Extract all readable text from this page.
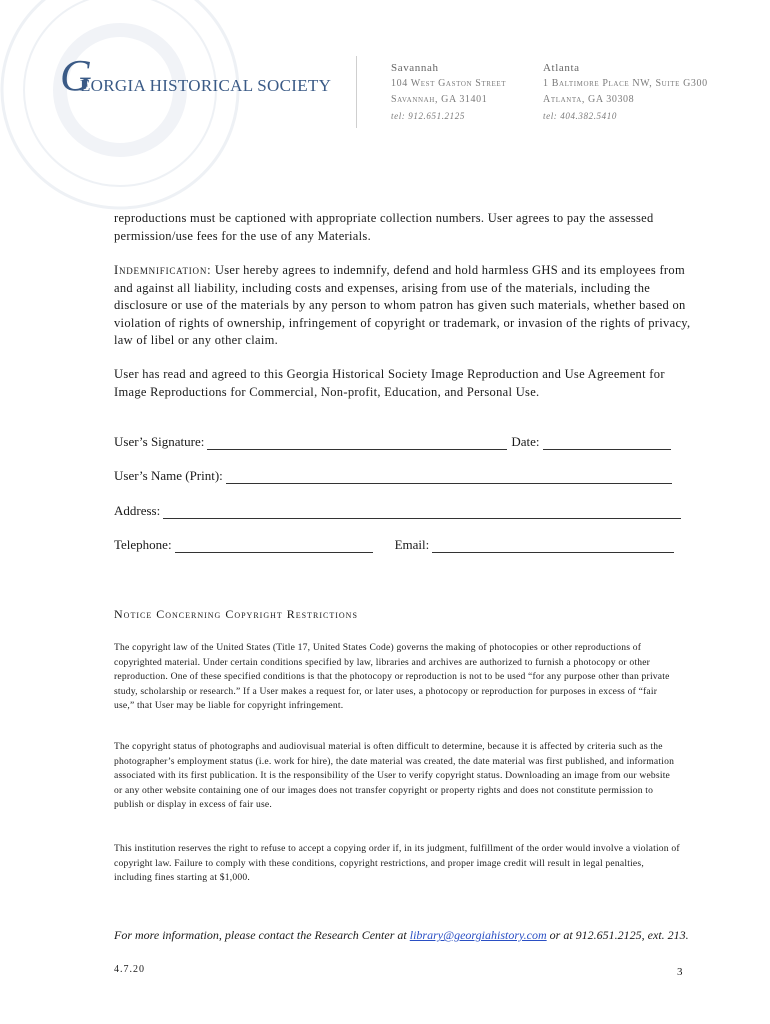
G
EORGIA HISTORICAL SOCIETY
Savannah
104 West Gaston Street
Savannah, GA 31401
tel: 912.651.2125
Atlanta
1 Baltimore Place NW, Suite G300
Atlanta, GA 30308
tel: 404.382.5410
reproductions must be captioned with appropriate collection numbers. User agrees to pay the assessed permission/use fees for the use of any Materials.
Indemnification: User hereby agrees to indemnify, defend and hold harmless GHS and its employees from and against all liability, including costs and expenses, arising from use of the materials, including the disclosure or use of the materials by any person to whom patron has given such materials, whether based on violation of rights of ownership, infringement of copyright or trademark, or invasion of the rights of privacy, law of libel or any other claim.
User has read and agreed to this Georgia Historical Society Image Reproduction and Use Agreement for Image Reproductions for Commercial, Non-profit, Education, and Personal Use.
User’s Signature:	Date:
User’s Name (Print):
Address:
Telephone:	Email:
Notice Concerning Copyright Restrictions
The copyright law of the United States (Title 17, United States Code) governs the making of photocopies or other reproductions of copyrighted material. Under certain conditions specified by law, libraries and archives are authorized to furnish a photocopy or other reproduction. One of these specified conditions is that the photocopy or reproduction is not to be used “for any purpose other than private study, scholarship or research.” If a User makes a request for, or later uses, a photocopy or reproduction for purposes in excess of “fair use,” that User may be liable for copyright infringement.
The copyright status of photographs and audiovisual material is often difficult to determine, because it is affected by criteria such as the photographer’s employment status (i.e. work for hire), the date material was created, the date material was first published, and information associated with its first publication. It is the responsibility of the User to verify copyright status. Downloading an image from our website or any other website containing one of our images does not transfer copyright or property rights and does not constitute permission to publish or display in excess of fair use.
This institution reserves the right to refuse to accept a copying order if, in its judgment, fulfillment of the order would involve a violation of copyright law. Failure to comply with these conditions, copyright restrictions, and proper image credit will result in legal penalties, including fines starting at $1,000.
For more information, please contact the Research Center at library@georgiahistory.com or at 912.651.2125, ext. 213.
4.7.20	3
